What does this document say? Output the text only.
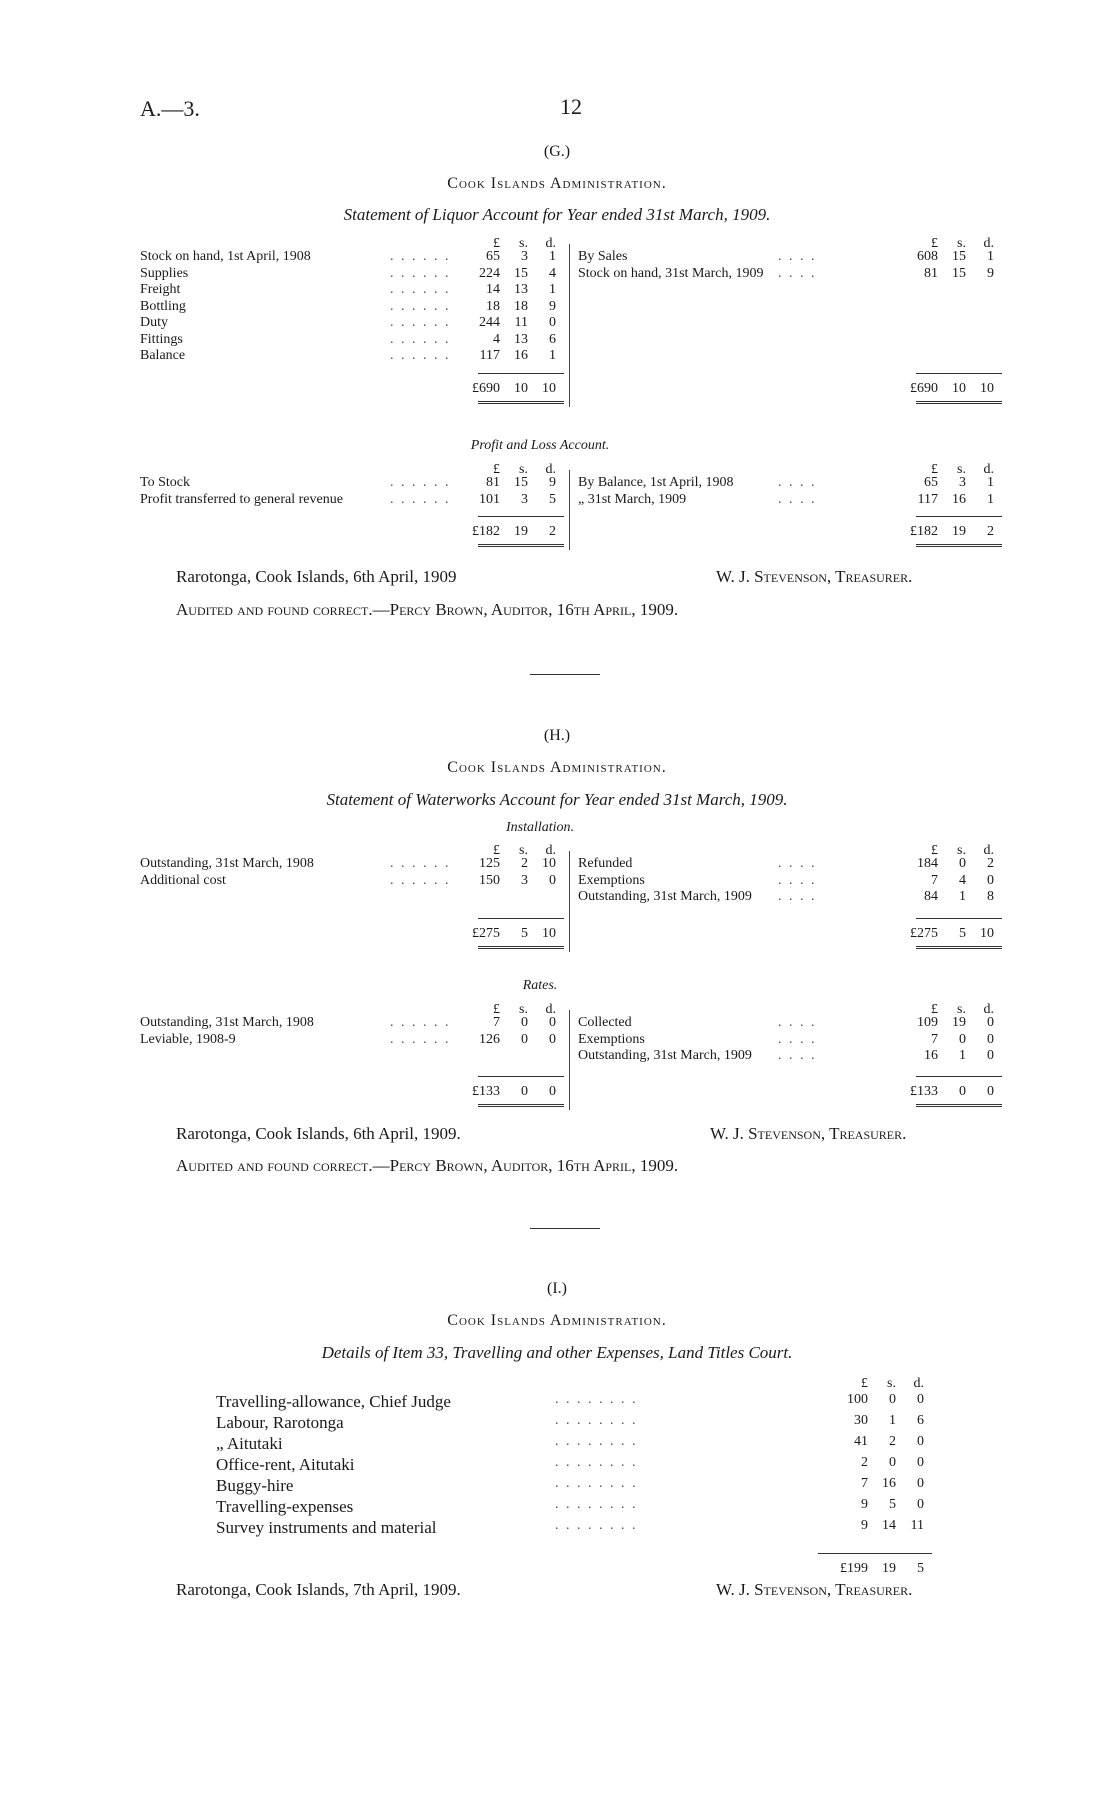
A.—3.	12
(G.)
Cook Islands Administration.
Statement of Liquor Account for Year ended 31st March, 1909.
£	s.	d.	£	s.	d.
Stock on hand, 1st April, 1908	. . . . . .	65	3	1
Supplies	. . . . . .	224	15	4
Freight	. . . . . .	14	13	1
Bottling	. . . . . .	18	18	9
Duty	. . . . . .	244	11	0
Fittings	. . . . . .	4	13	6
Balance	. . . . . .	117	16	1
By Sales	. . . .	608	15	1
Stock on hand, 31st March, 1909 . . . .	81	15	9
£690	10	10	£690	10	10
Profit and Loss Account.
£	s.	d.	£	s.	d.
To Stock	. . . . . .	81	15	9
Profit transferred to general revenue	. . . . . .	101	3	5
By Balance, 1st April, 1908	. . . .	65	3	1
„ 31st March, 1909	. . . .	117	16	1
£182	19	2	£182	19	2
Rarotonga, Cook Islands, 6th April, 1909	W. J. Stevenson, Treasurer.
Audited and found correct.—Percy Brown, Auditor, 16th April, 1909.
(H.)
Cook Islands Administration.
Statement of Waterworks Account for Year ended 31st March, 1909.
Installation.
£	s.	d.	£	s.	d.
Outstanding, 31st March, 1908	. . . . . .	125	2	10
Additional cost	. . . . . .	150	3	0
Refunded	. . . .	184	0	2
Exemptions	. . . .	7	4	0
Outstanding, 31st March, 1909 . . . .	84	1	8
£275	5	10	£275	5	10
Rates.
£	s.	d.	£	s.	d.
Outstanding, 31st March, 1908	. . . . . .	7	0	0
Leviable, 1908-9	. . . . . .	126	0	0
Collected	. . . .	109	19	0
Exemptions	. . . .	7	0	0
Outstanding, 31st March, 1909 . . . .	16	1	0
£133	0	0	£133	0	0
Rarotonga, Cook Islands, 6th April, 1909.	W. J. Stevenson, Treasurer.
Audited and found correct.—Percy Brown, Auditor, 16th April, 1909.
(I.)
Cook Islands Administration.
Details of Item 33, Travelling and other Expenses, Land Titles Court.
£	s.	d.
Travelling-allowance, Chief Judge	. . . . . . . .	100	0	0
Labour, Rarotonga	. . . . . . . .	30	1	6
„ Aitutaki	. . . . . . . .	41	2	0
Office-rent, Aitutaki	. . . . . . . .	2	0	0
Buggy-hire	. . . . . . . .	7	16	0
Travelling-expenses	. . . . . . . .	9	5	0
Survey instruments and material	. . . . . . . .	9	14	11
£199	19	5
Rarotonga, Cook Islands, 7th April, 1909.	W. J. Stevenson, Treasurer.
